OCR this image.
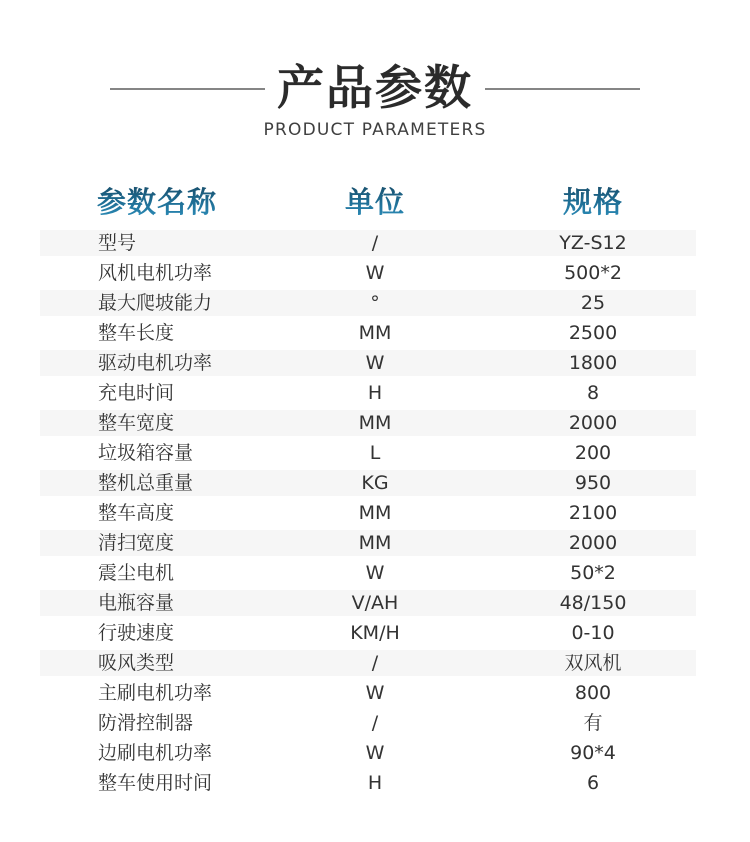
产品参数
PRODUCT PARAMETERS
参数名称	单位	规格
型号	/	YZ-S12
风机电机功率	W	500*2
最大爬坡能力	°	25
整车长度	MM	2500
驱动电机功率	W	1800
充电时间	H	8
整车宽度	MM	2000
垃圾箱容量	L	200
整机总重量	KG	950
整车高度	MM	2100
清扫宽度	MM	2000
震尘电机	W	50*2
电瓶容量	V/AH	48/150
行驶速度	KM/H	0-10
吸风类型	/	双风机
主刷电机功率	W	800
防滑控制器	/	有
边刷电机功率	W	90*4
整车使用时间	H	6
